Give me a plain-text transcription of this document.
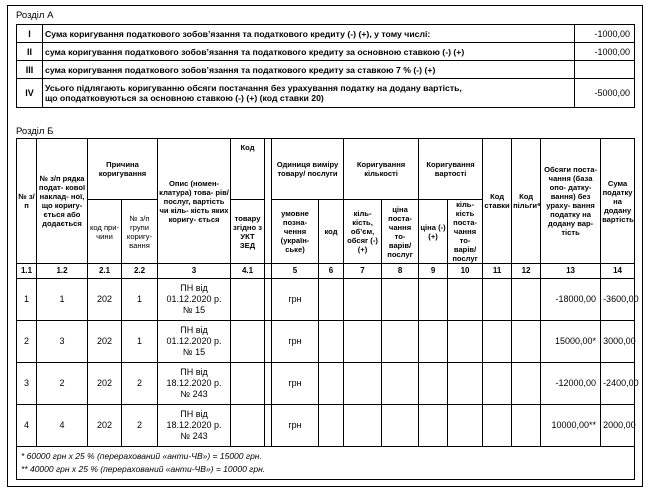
Розділ А
I	Сума коригування податкового зобов’язання та податкового кредиту (-) (+), у тому числі:	-1000,00
II	сума коригування податкового зобов’язання та податкового кредиту за основною ставкою (-) (+)	-1000,00
III	сума коригування податкового зобов’язання та податкового кредиту за ставкою 7 % (-) (+)	
IV	Усього підлягають коригуванню обсяги постачання без урахування податку на додану вартість,
що оподатковуються за основною ставкою (-) (+) (код ставки 20)	-5000,00
Розділ Б
№ з/п	№ з/п рядка подат- кової наклад- ної, що коригу- ється або додається	Причина коригування		Опис (номен- клатура) това- рів/ послуг, вартість чи кіль- кість яких коригу- ється	Код		Одиниця виміру товару/ послуги		Коригування кількості		Коригування вартості		Код ставки	Код пільги⁶	Обсяги поста- чання (база опо- датку- вання) без ураху- вання податку на додану вар- тість	Сума податку на додану вартість
		код при- чини	№ з/п групи коригу- вання		товару згідно з УКТ ЗЕД		умовне позна- чення (україн- ське)	код	кіль- кість, об’єм, обсяг (-) (+)	ціна поста- чання то- варів/ послуг	ціна (-) (+)	кіль- кість поста- чання то- варів/ послуг				
1.1	1.2	2.1	2.2	3	4.1		5	6	7	8	9	10	11	12	13	14
1	1	202	1	ПН від
01.12.2020 р.
№ 15			грн								-18000,00	-3600,00
2	3	202	1	ПН від
01.12.2020 р.
№ 15			грн								15000,00*	3000,00
3	2	202	2	ПН від
18.12.2020 р.
№ 243			грн								-12000,00	-2400,00
4	4	202	2	ПН від
18.12.2020 р.
№ 243			грн								10000,00**	2000,00

* 60000 грн х 25 % (перерахований «анти-ЧВ») = 15000 грн.
** 40000 грн х 25 % (перерахований «анти-ЧВ») = 10000 грн.																
